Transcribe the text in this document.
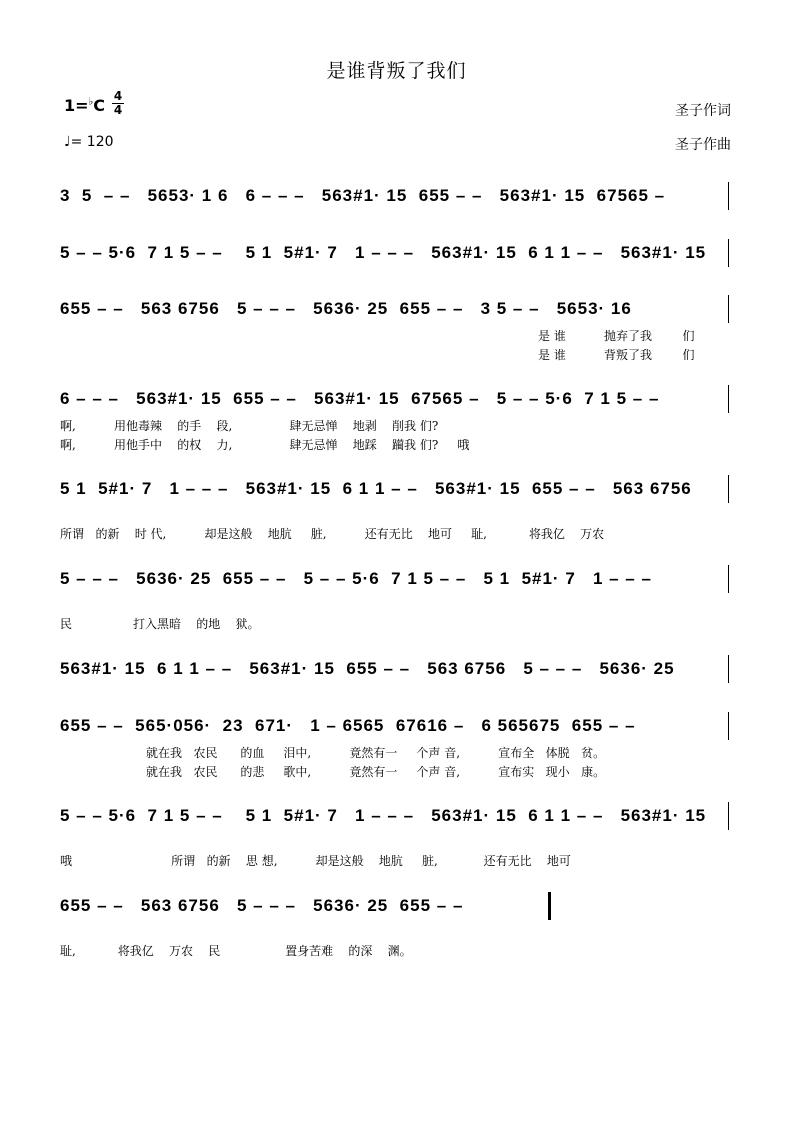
是谁背叛了我们
1=♭C 4
4
♩= 120
圣子作词
圣子作曲
3  5  – –   5653· 1 6   6 – – –   563#1· 15  655 – –   563#1· 15  67565 –
5 – – 5·6  7 1 5 – –    5 1  5#1· 7   1 – – –   563#1· 15  6 1 1 – –   563#1· 15
655 – –   563 6756   5 – – –   5636· 25  655 – –   3 5 – –   5653· 16
是 谁          抛弃了我        们
是 谁          背叛了我        们
6 – – –   563#1· 15  655 – –   563#1· 15  67565 –   5 – – 5·6  7 1 5 – –
啊,          用他毒辣    的手    段,               肆无忌惮    地剥    削我 们?
啊,          用他手中    的权    力,               肆无忌惮    地踩    躏我 们?     哦
5 1  5#1· 7   1 – – –   563#1· 15  6 1 1 – –   563#1· 15  655 – –   563 6756
所谓   的新    时 代,          却是这般    地肮     脏,          还有无比    地可     耻,           将我亿    万农
5 – – –   5636· 25  655 – –   5 – – 5·6  7 1 5 – –   5 1  5#1· 7   1 – – –
民                打入黑暗    的地    狱。
563#1· 15  6 1 1 – –   563#1· 15  655 – –   563 6756   5 – – –   5636· 25
655 – –  565·056·  23  671·   1 – 6565  67616 –   6 565675  655 – –
就在我   农民      的血     泪中,          竟然有一     个声 音,          宣布全   体脱   贫。
就在我   农民      的悲     歌中,          竟然有一     个声 音,          宣布实   现小   康。
5 – – 5·6  7 1 5 – –    5 1  5#1· 7   1 – – –   563#1· 15  6 1 1 – –   563#1· 15
哦                          所谓   的新    思 想,          却是这般    地肮     脏,            还有无比    地可
655 – –   563 6756   5 – – –   5636· 25  655 – –
耻,           将我亿    万农    民                 置身苦难    的深    渊。
